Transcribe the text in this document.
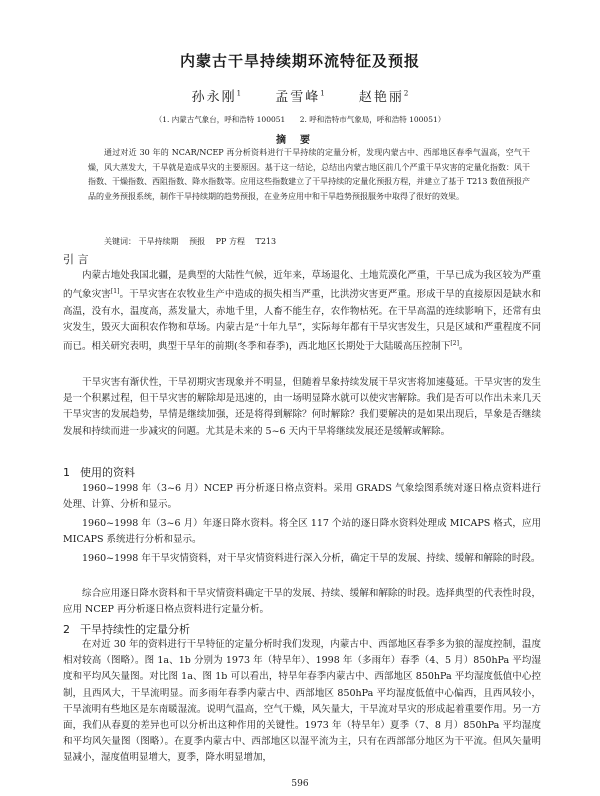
内蒙古干旱持续期环流特征及预报
孙永刚$^1$	孟雪峰$^1$	赵艳丽$^2$
（1. 内蒙古气象台，呼和浩特 100051 2. 呼和浩特市气象局，呼和浩特 100051）
摘要
通过对近 30 年的 NCAR/NCEP 再分析资料进行干旱持续的定量分析，发现内蒙古中、西部地区春季气温高，空气干燥，风大蒸发大，干旱就是造成旱灾的主要原因。基于这一结论，总结出内蒙古地区前几个严重干旱灾害的定量化指数：风干指数、干燥指数、西阻指数、降水指数等。应用这些指数建立了干旱持续的定量化预报方程，并建立了基于 T213 数值预报产品的业务预报系统，制作干旱持续期的趋势预报，在业务应用中和干旱趋势预报服务中取得了很好的效果。
关键词： 干旱持续期 预报 PP 方程 T213
引 言

内蒙古地处我国北疆，是典型的大陆性气候，近年来，草场退化、土地荒漠化严重，干旱已成为我区较为严重的气象灾害[1]。干旱灾害在农牧业生产中造成的损失相当严重，比洪涝灾害更严重。形成干旱的直接原因是缺水和高温，没有水，温度高，蒸发量大，赤地千里，人畜不能生存，农作物枯死。在干旱高温的连续影响下，还常有虫灾发生，毁灭大面积农作物和草场。内蒙古是“十年九旱”，实际每年都有干旱灾害发生，只是区域和严重程度不同而已。相关研究表明，典型干旱年的前期(冬季和春季)，西北地区长期处于大陆暖高压控制下[2]。

干旱灾害有渐伏性，干旱初期灾害现象并不明显，但随着旱象持续发展干旱灾害将加速蔓延。干旱灾害的发生是一个积累过程，但干旱灾害的解除却是迅速的，由一场明显降水就可以使灾害解除。我们是否可以作出未来几天干旱灾害的发展趋势，旱情是继续加强，还是将得到解除？何时解除？我们要解决的是如果出现后，旱象是否继续发展和持续而进一步减灾的问题。尤其是未来的 5~6 天内干旱将继续发展还是缓解或解除。

1 使用的资料

1960~1998 年（3~6 月）NCEP 再分析逐日格点资料。采用 GRADS 气象绘图系统对逐日格点资料进行处理、计算、分析和显示。

1960~1998 年（3~6 月）年逐日降水资料。将全区 117 个站的逐日降水资料处理成 MICAPS 格式，应用 MICAPS 系统进行分析和显示。

1960~1998 年干旱灾情资料，对干旱灾情资料进行深入分析，确定干旱的发展、持续、缓解和解除的时段。

综合应用逐日降水资料和干旱灾情资料确定干旱的发展、持续、缓解和解除的时段。选择典型的代表性时段，应用 NCEP 再分析逐日格点资料进行定量分析。

2 干旱持续性的定量分析

在对近 30 年的资料进行干旱特征的定量分析时我们发现，内蒙古中、西部地区春季多为狼的湿度控制，温度相对较高（图略）。图 1a、1b 分别为 1973 年（特旱年）、1998 年（多雨年）春季（4、5 月）850hPa 平均湿度和平均风矢量图。对比图 1a、图 1b 可以看出，特旱年春季内蒙古中、西部地区 850hPa 平均湿度低值中心控制，且西风大，干旱流明显。而多雨年春季内蒙古中、西部地区 850hPa 平均湿度低值中心偏西，且西风较小，干旱流明有些地区是东南暖湿流。说明气温高，空气干燥，风矢量大，干旱流对旱灾的形成起着重要作用。另一方面，我们从春夏的差异也可以分析出这种作用的关键性。1973 年（特旱年）夏季（7、8 月）850hPa 平均湿度和平均风矢量图（图略）。在夏季内蒙古中、西部地区以湿平流为主，只有在西部部分地区为干平流。但风矢量明显减小，湿度值明显增大，夏季，降水明显增加，

596
